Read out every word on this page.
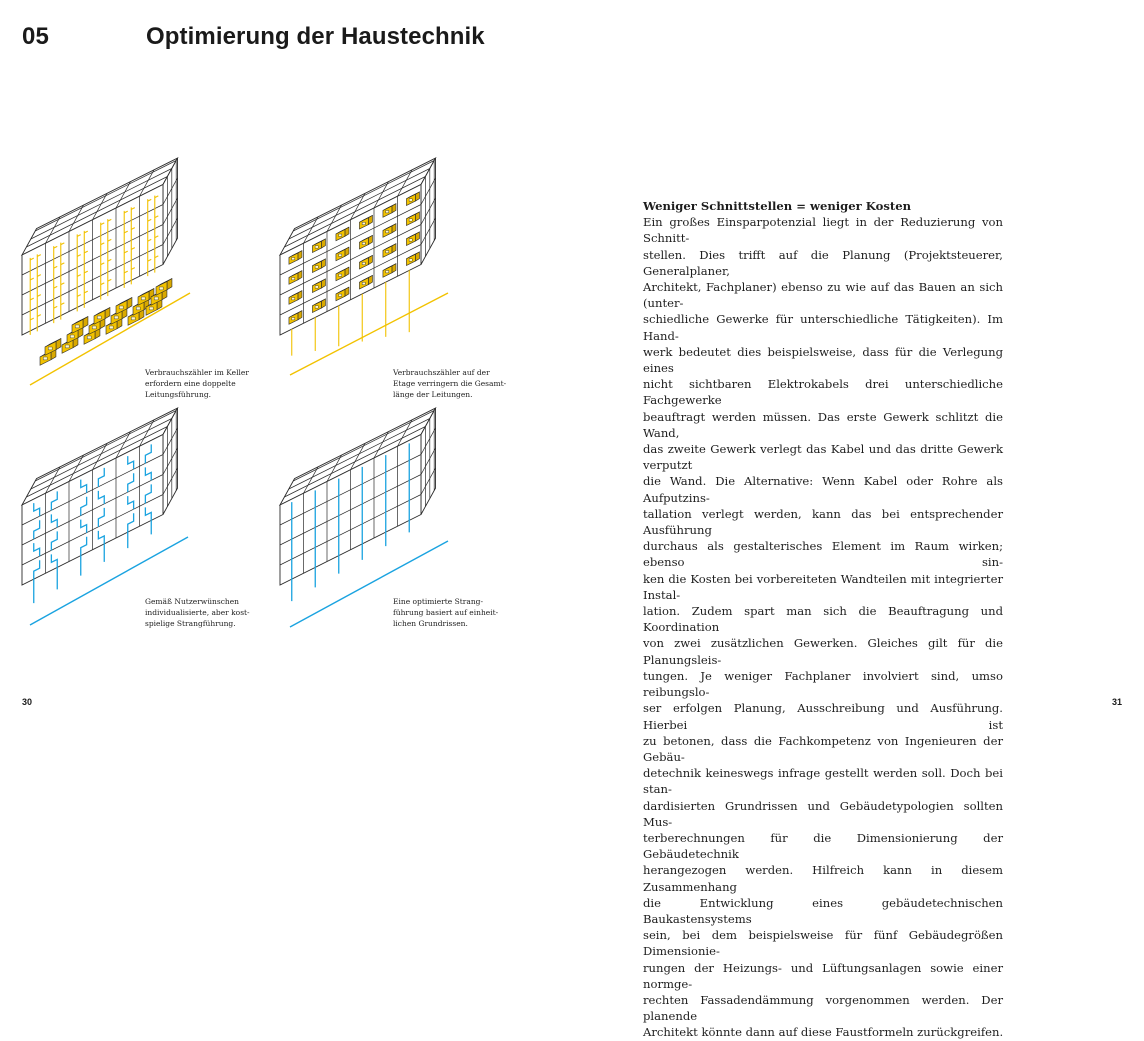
05	Optimierung der Haustechnik
Verbrauchszähler im Keller
erfordern eine doppelte
Leitungsführung.
Verbrauchszähler auf der
Etage verringern die Gesamt-
länge der Leitungen.
Gemäß Nutzerwünschen
individualisierte, aber kost-
spielige Strangführung.
Eine optimierte Strang-
führung basiert auf einheit-
lichen Grundrissen.
Weniger Schnittstellen = weniger Kosten
Ein großes Einsparpotenzial liegt in der Reduzierung von Schnitt-
stellen. Dies trifft auf die Planung (Projektsteuerer, Generalplaner,
Architekt, Fachplaner) ebenso zu wie auf das Bauen an sich (unter-
schiedliche Gewerke für unterschiedliche Tätigkeiten). Im Hand-
werk bedeutet dies beispielsweise, dass für die Verlegung eines
nicht sichtbaren Elektrokabels drei unterschiedliche Fachgewerke
beauftragt werden müssen. Das erste Gewerk schlitzt die Wand,
das zweite Gewerk verlegt das Kabel und das dritte Gewerk verputzt
die Wand. Die Alternative: Wenn Kabel oder Rohre als Aufputzins-
tallation verlegt werden, kann das bei entsprechender Ausführung
durchaus als gestalterisches Element im Raum wirken; ebenso sin-
ken die Kosten bei vorbereiteten Wandteilen mit integrierter Instal-
lation. Zudem spart man sich die Beauftragung und Koordination
von zwei zusätzlichen Gewerken. Gleiches gilt für die Planungsleis-
tungen. Je weniger Fachplaner involviert sind, umso reibungslo-
ser erfolgen Planung, Ausschreibung und Ausführung. Hierbei ist
zu betonen, dass die Fachkompetenz von Ingenieuren der Gebäu-
detechnik keineswegs infrage gestellt werden soll. Doch bei stan-
dardisierten Grundrissen und Gebäudetypologien sollten Mus-
terberechnungen für die Dimensionierung der Gebäudetechnik
herangezogen werden. Hilfreich kann in diesem Zusammenhang
die Entwicklung eines gebäudetechnischen Baukastensystems
sein, bei dem beispielsweise für fünf Gebäudegrößen Dimensionie-
rungen der Heizungs- und Lüftungsanlagen sowie einer normge-
rechten Fassadendämmung vorgenommen werden. Der planende
Architekt könnte dann auf diese Faustformeln zurückgreifen.
30	31
